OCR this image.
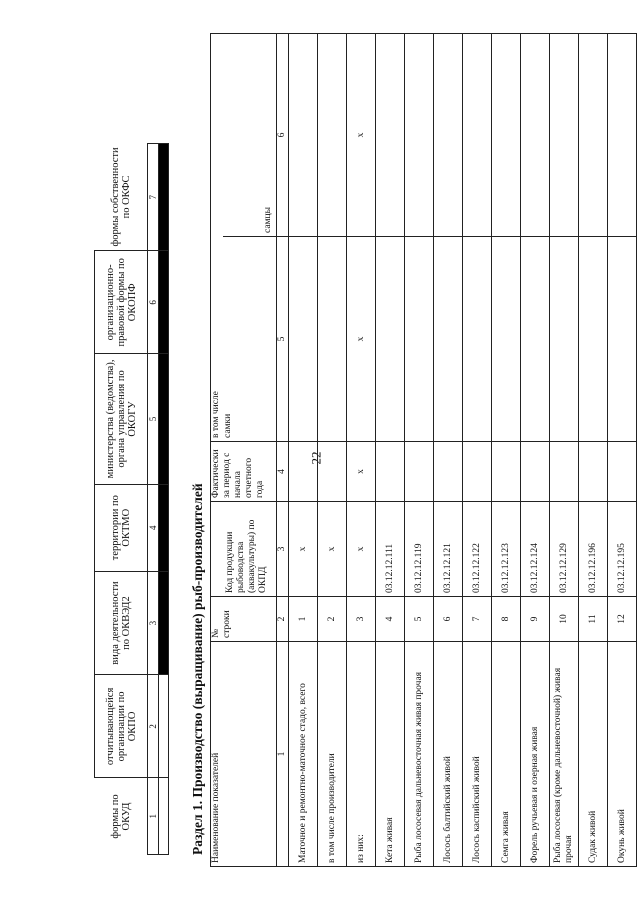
22
формы по ОКУД	отчитывающейся организации по ОКПО	вида деятельности по ОКВЭД2	территории по ОКТМО	министерства (ведомства), органа управления по ОКОГУ	организационно-правовой формы по ОКОПФ	формы собственности по ОКФС
1	2	3	4	5	6	7

Раздел 1. Производство (выращивание) рыб-производителей Наименование показателей	№ строки	Код продукции рыбоводства (аквакультуры) по ОКПД	Фактически за период с начала отчетного года	в том числе	
				самки	самцы
1	2	3	4	5	6
Маточное и ремонтно-маточное стадо, всего	1	x			
в том числе производители	2	x			
из них:	3	x	x	x	x
Кета живая	4	03.12.12.111			
Рыба лососевая дальневосточная живая прочая	5	03.12.12.119			
Лосось балтийский живой	6	03.12.12.121			
Лосось каспийский живой	7	03.12.12.122			
Семга живая	8	03.12.12.123			
Форель ручьевая и озерная живая	9	03.12.12.124			
Рыба лососевая (кроме дальневосточной) живая прочая	10	03.12.12.129			
Судак живой	11	03.12.12.196			
Окунь живой	12	03.12.12.195			
